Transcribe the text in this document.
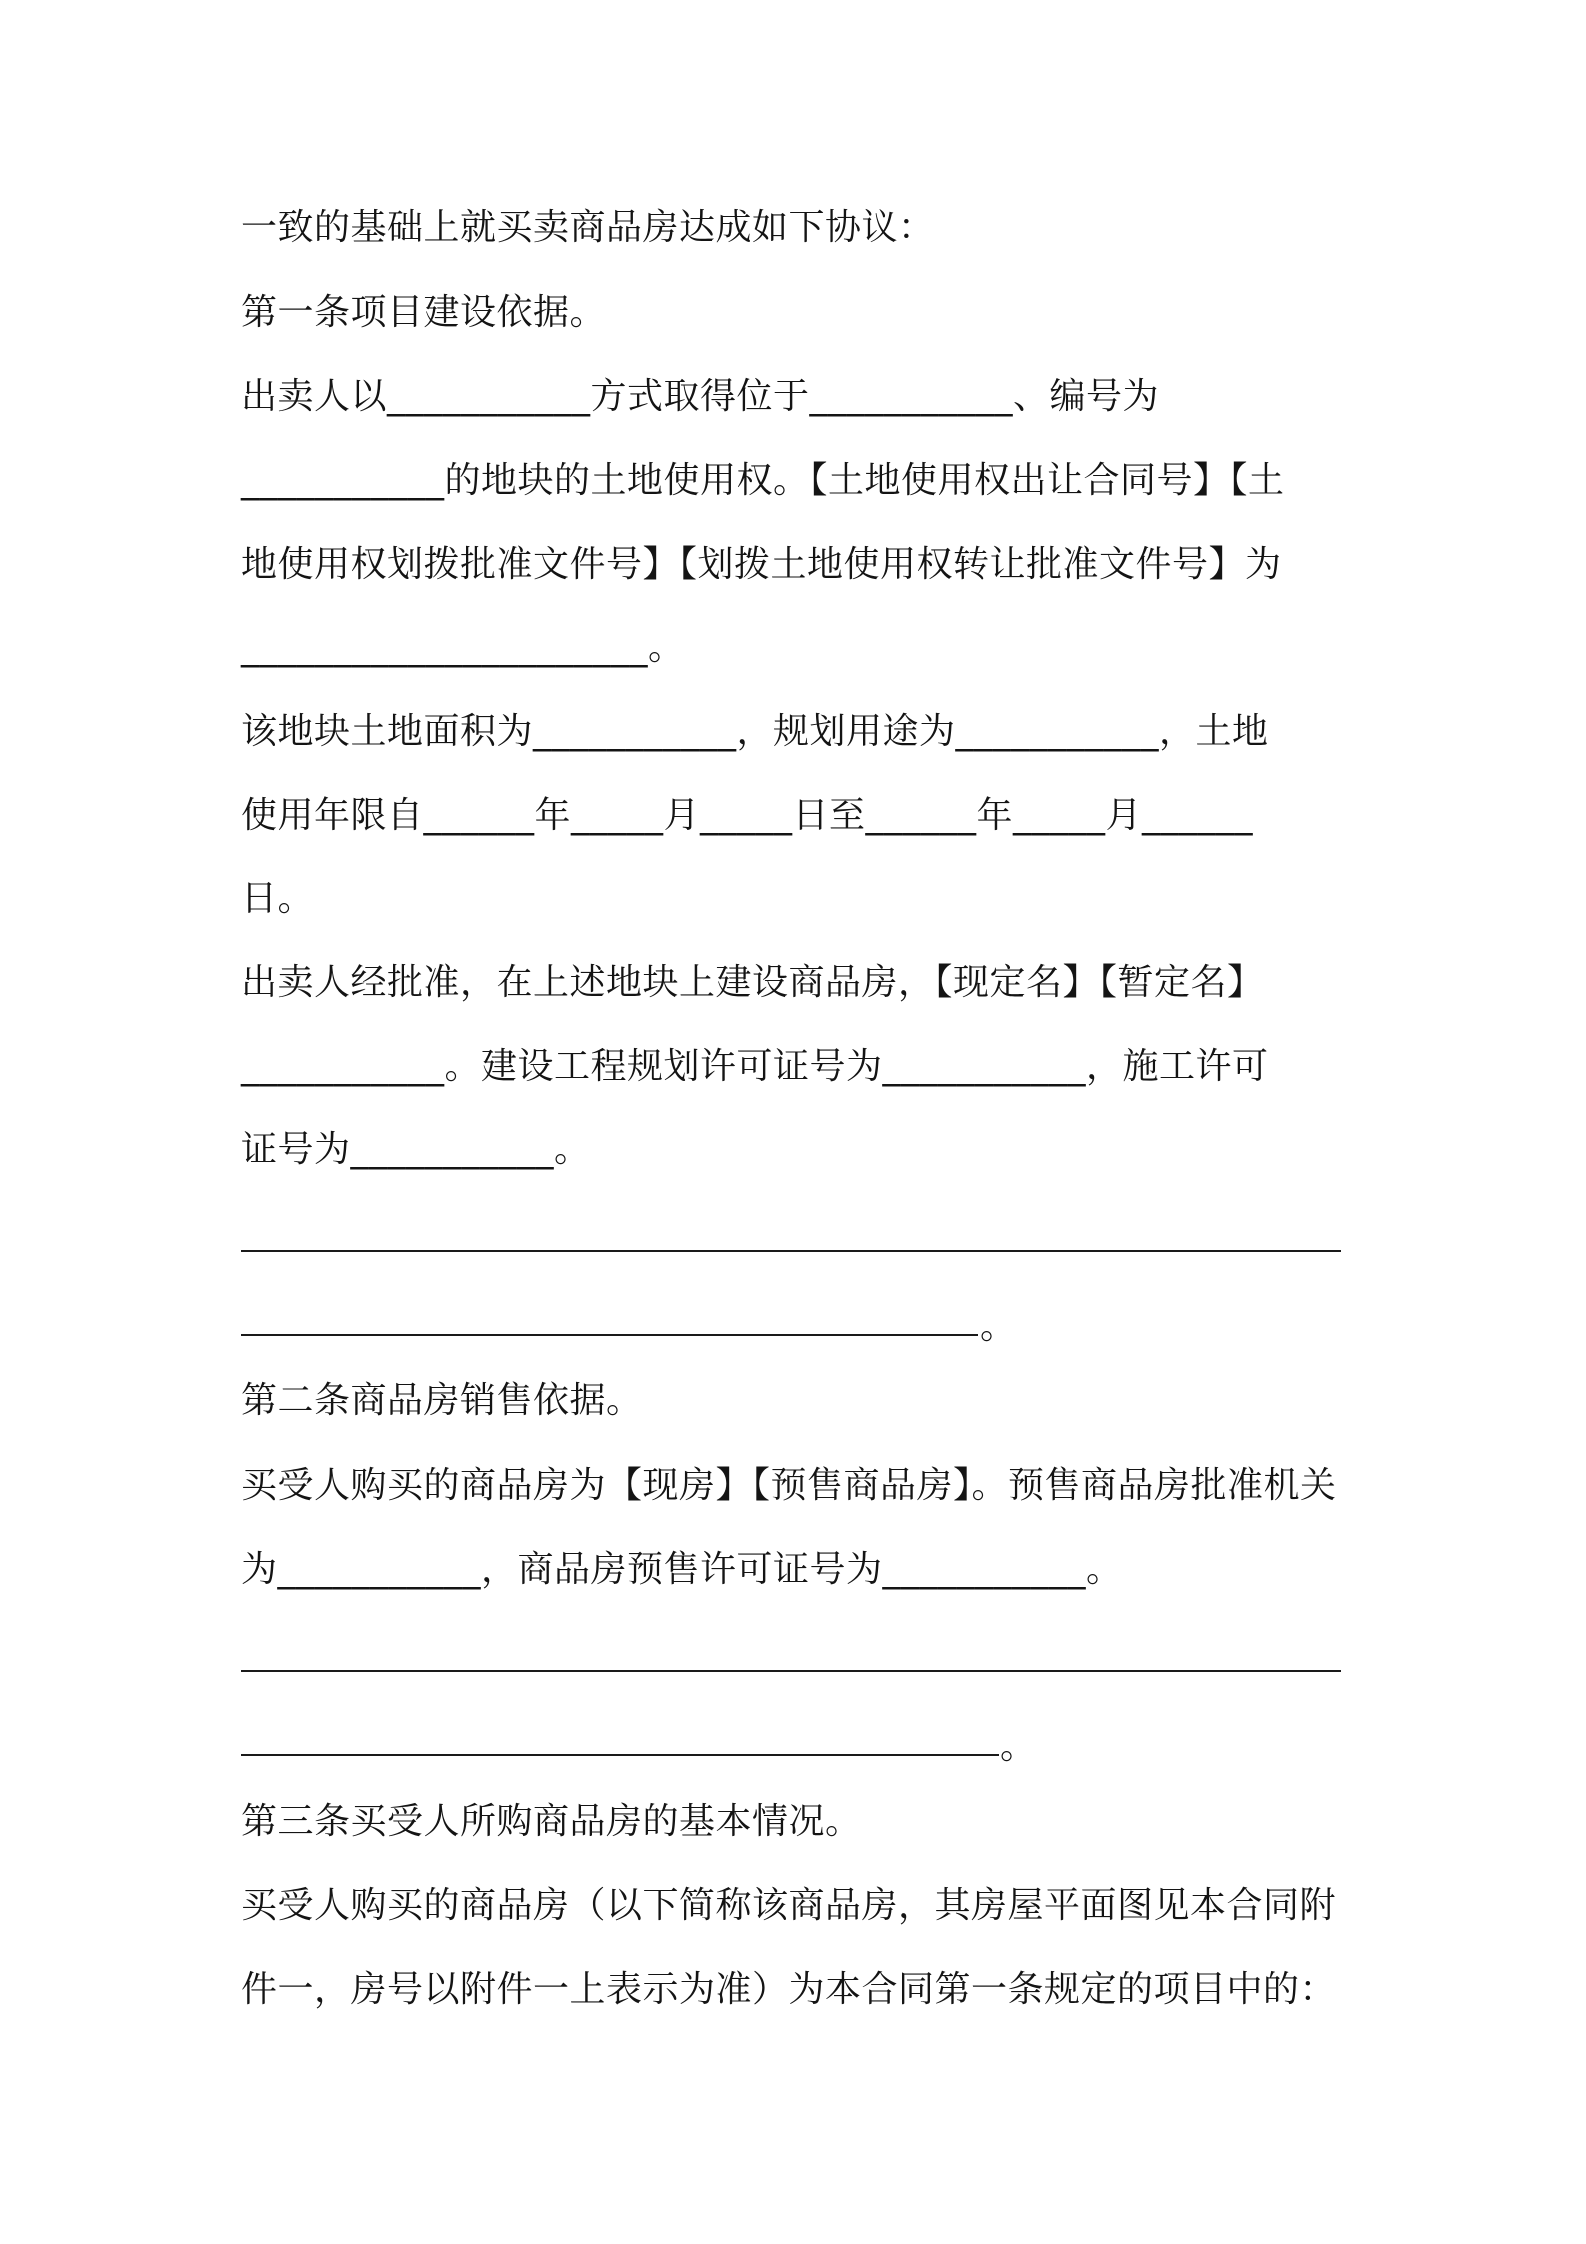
一致的基础上就买卖商品房达成如下协议：
第一条项目建设依据。
出卖人以___________方式取得位于___________、编号为
___________的地块的土地使用权。【土地使用权出让合同号】【土
地使用权划拨批准文件号】【划拨土地使用权转让批准文件号】为
______________________。
该地块土地面积为___________，规划用途为___________，土地
使用年限自______年_____月_____日至______年_____月______
日。
出卖人经批准，在上述地块上建设商品房，【现定名】【暂定名】
___________。建设工程规划许可证号为___________，施工许可
证号为___________。
。
第二条商品房销售依据。
买受人购买的商品房为【现房】【预售商品房】。预售商品房批准机关
为___________，商品房预售许可证号为___________。
。
第三条买受人所购商品房的基本情况。
买受人购买的商品房（以下简称该商品房，其房屋平面图见本合同附
件一，房号以附件一上表示为准）为本合同第一条规定的项目中的：
